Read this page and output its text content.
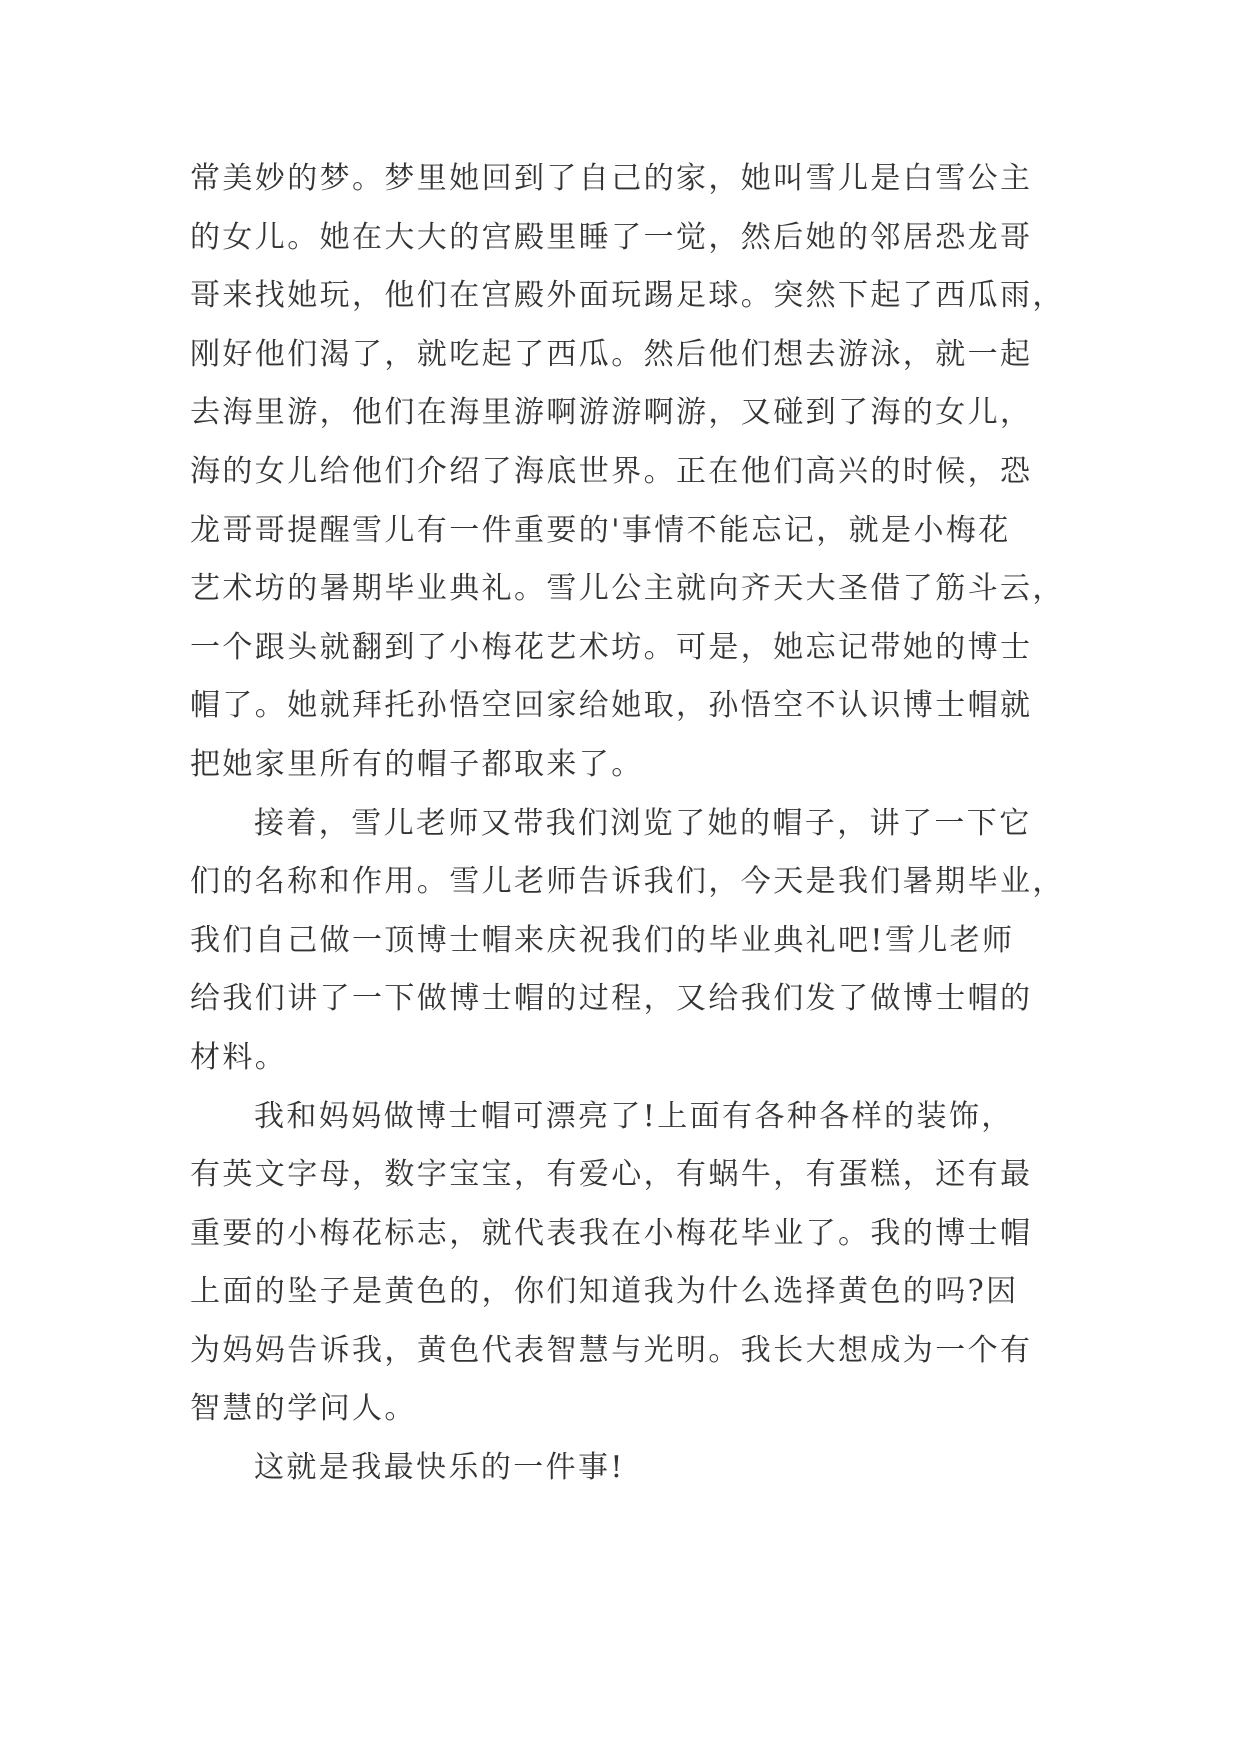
常美妙的梦。梦里她回到了自己的家，她叫雪儿是白雪公主
的女儿。她在大大的宫殿里睡了一觉，然后她的邻居恐龙哥
哥来找她玩，他们在宫殿外面玩踢足球。突然下起了西瓜雨，
刚好他们渴了，就吃起了西瓜。然后他们想去游泳，就一起
去海里游，他们在海里游啊游游啊游，又碰到了海的女儿，
海的女儿给他们介绍了海底世界。正在他们高兴的时候，恐
龙哥哥提醒雪儿有一件重要的'事情不能忘记，就是小梅花
艺术坊的暑期毕业典礼。雪儿公主就向齐天大圣借了筋斗云，
一个跟头就翻到了小梅花艺术坊。可是，她忘记带她的博士
帽了。她就拜托孙悟空回家给她取，孙悟空不认识博士帽就
把她家里所有的帽子都取来了。
接着，雪儿老师又带我们浏览了她的帽子，讲了一下它
们的名称和作用。雪儿老师告诉我们，今天是我们暑期毕业，
我们自己做一顶博士帽来庆祝我们的毕业典礼吧!雪儿老师
给我们讲了一下做博士帽的过程，又给我们发了做博士帽的
材料。
我和妈妈做博士帽可漂亮了!上面有各种各样的装饰，
有英文字母，数字宝宝，有爱心，有蜗牛，有蛋糕，还有最
重要的小梅花标志，就代表我在小梅花毕业了。我的博士帽
上面的坠子是黄色的，你们知道我为什么选择黄色的吗?因
为妈妈告诉我，黄色代表智慧与光明。我长大想成为一个有
智慧的学问人。
这就是我最快乐的一件事!
